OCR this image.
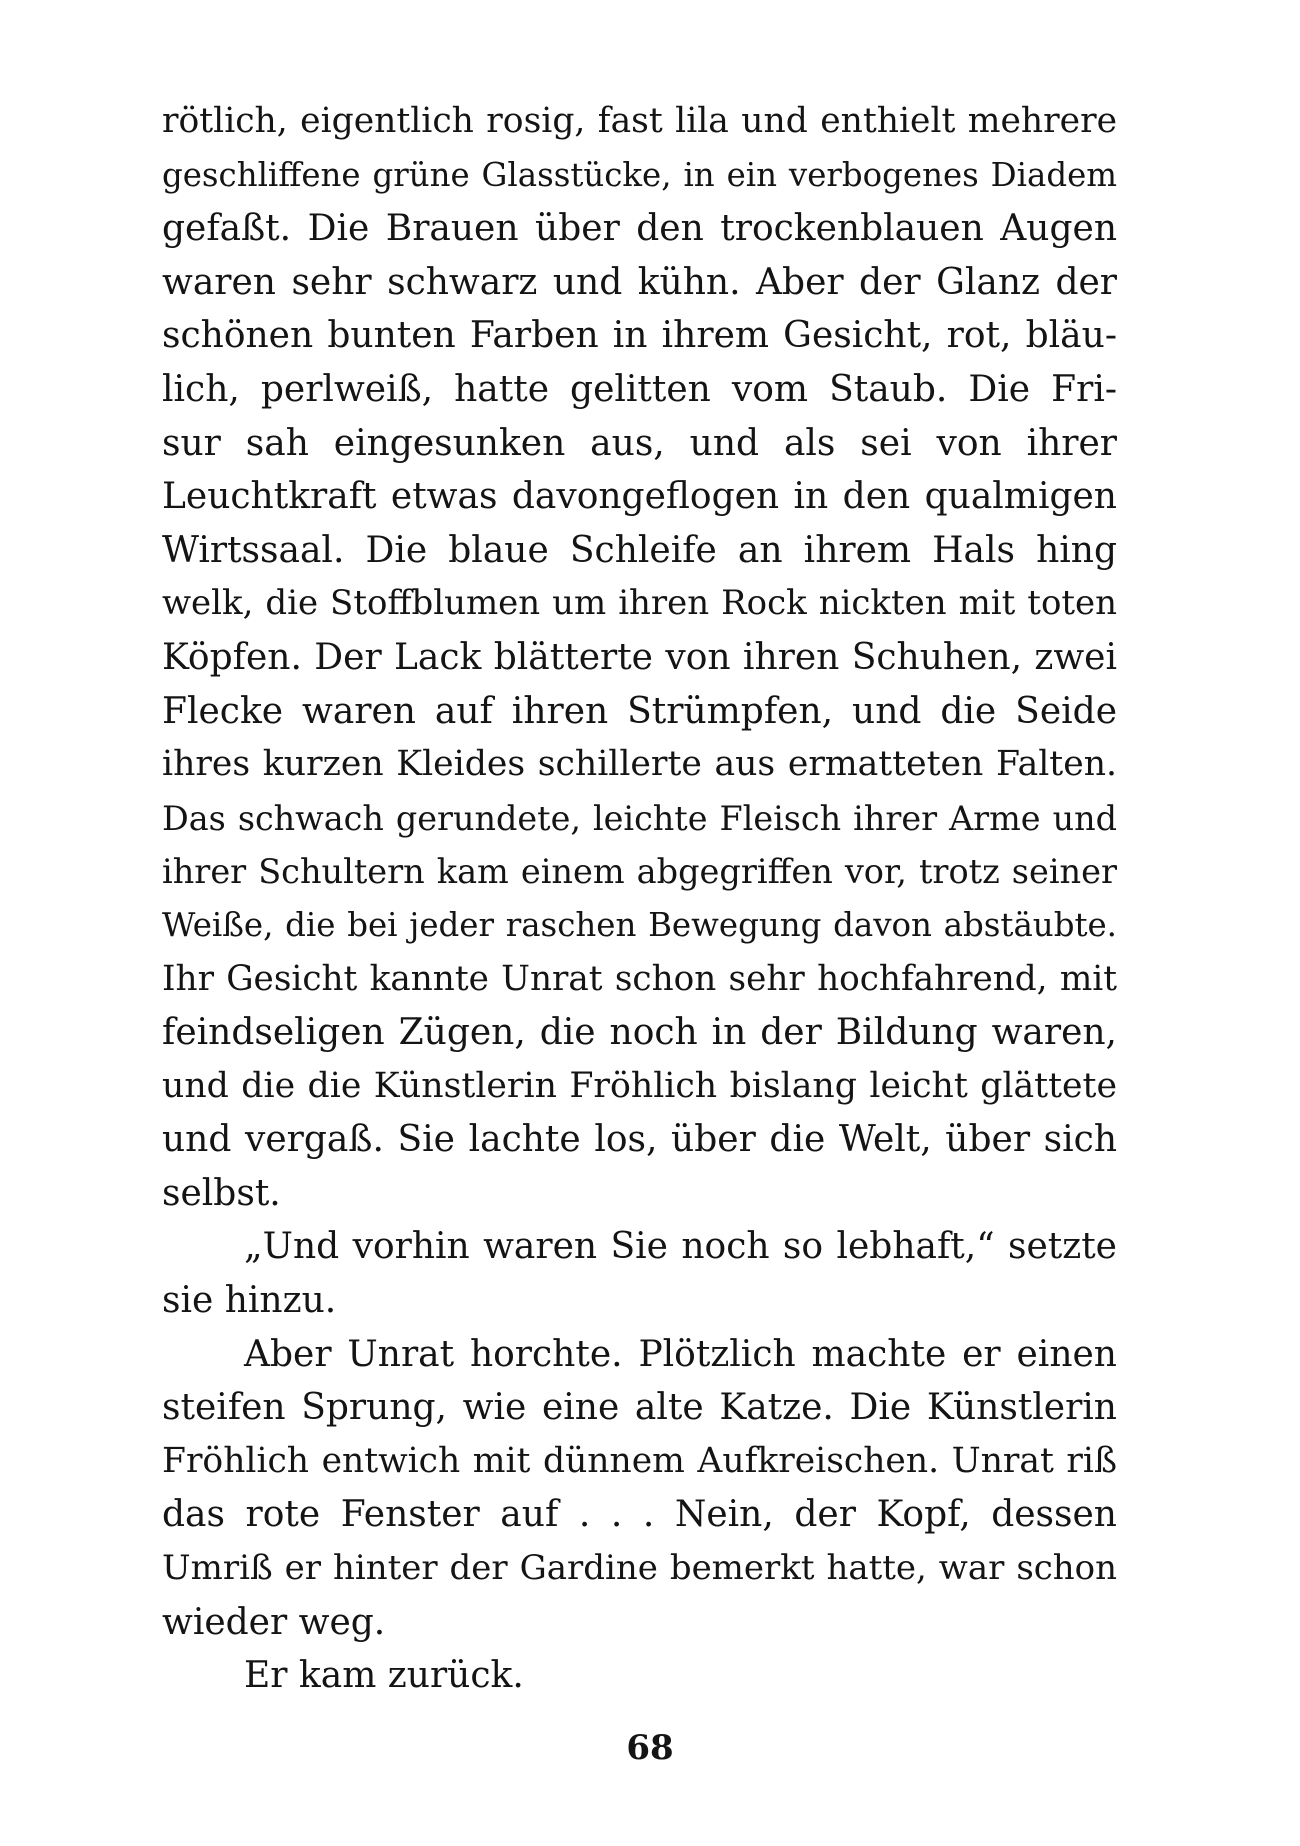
rötlich, eigentlich rosig, fast lila und enthielt mehrere
geschliffene grüne Glasstücke, in ein verbogenes Diadem
gefaßt. Die Brauen über den trockenblauen Augen
waren sehr schwarz und kühn. Aber der Glanz der
schönen bunten Farben in ihrem Gesicht, rot, bläu-
lich, perlweiß, hatte gelitten vom Staub. Die Fri-
sur sah eingesunken aus, und als sei von ihrer
Leuchtkraft etwas davongeflogen in den qualmigen
Wirtssaal. Die blaue Schleife an ihrem Hals hing
welk, die Stoffblumen um ihren Rock nickten mit toten
Köpfen. Der Lack blätterte von ihren Schuhen, zwei
Flecke waren auf ihren Strümpfen, und die Seide
ihres kurzen Kleides schillerte aus ermatteten Falten.
Das schwach gerundete, leichte Fleisch ihrer Arme und
ihrer Schultern kam einem abgegriffen vor, trotz seiner
Weiße, die bei jeder raschen Bewegung davon abstäubte.
Ihr Gesicht kannte Unrat schon sehr hochfahrend, mit
feindseligen Zügen, die noch in der Bildung waren,
und die die Künstlerin Fröhlich bislang leicht glättete
und vergaß. Sie lachte los, über die Welt, über sich
selbst.
„Und vorhin waren Sie noch so lebhaft,“ setzte
sie hinzu.
Aber Unrat horchte. Plötzlich machte er einen
steifen Sprung, wie eine alte Katze. Die Künstlerin
Fröhlich entwich mit dünnem Aufkreischen. Unrat riß
das rote Fenster auf . . . Nein, der Kopf, dessen
Umriß er hinter der Gardine bemerkt hatte, war schon
wieder weg.
Er kam zurück.
68
